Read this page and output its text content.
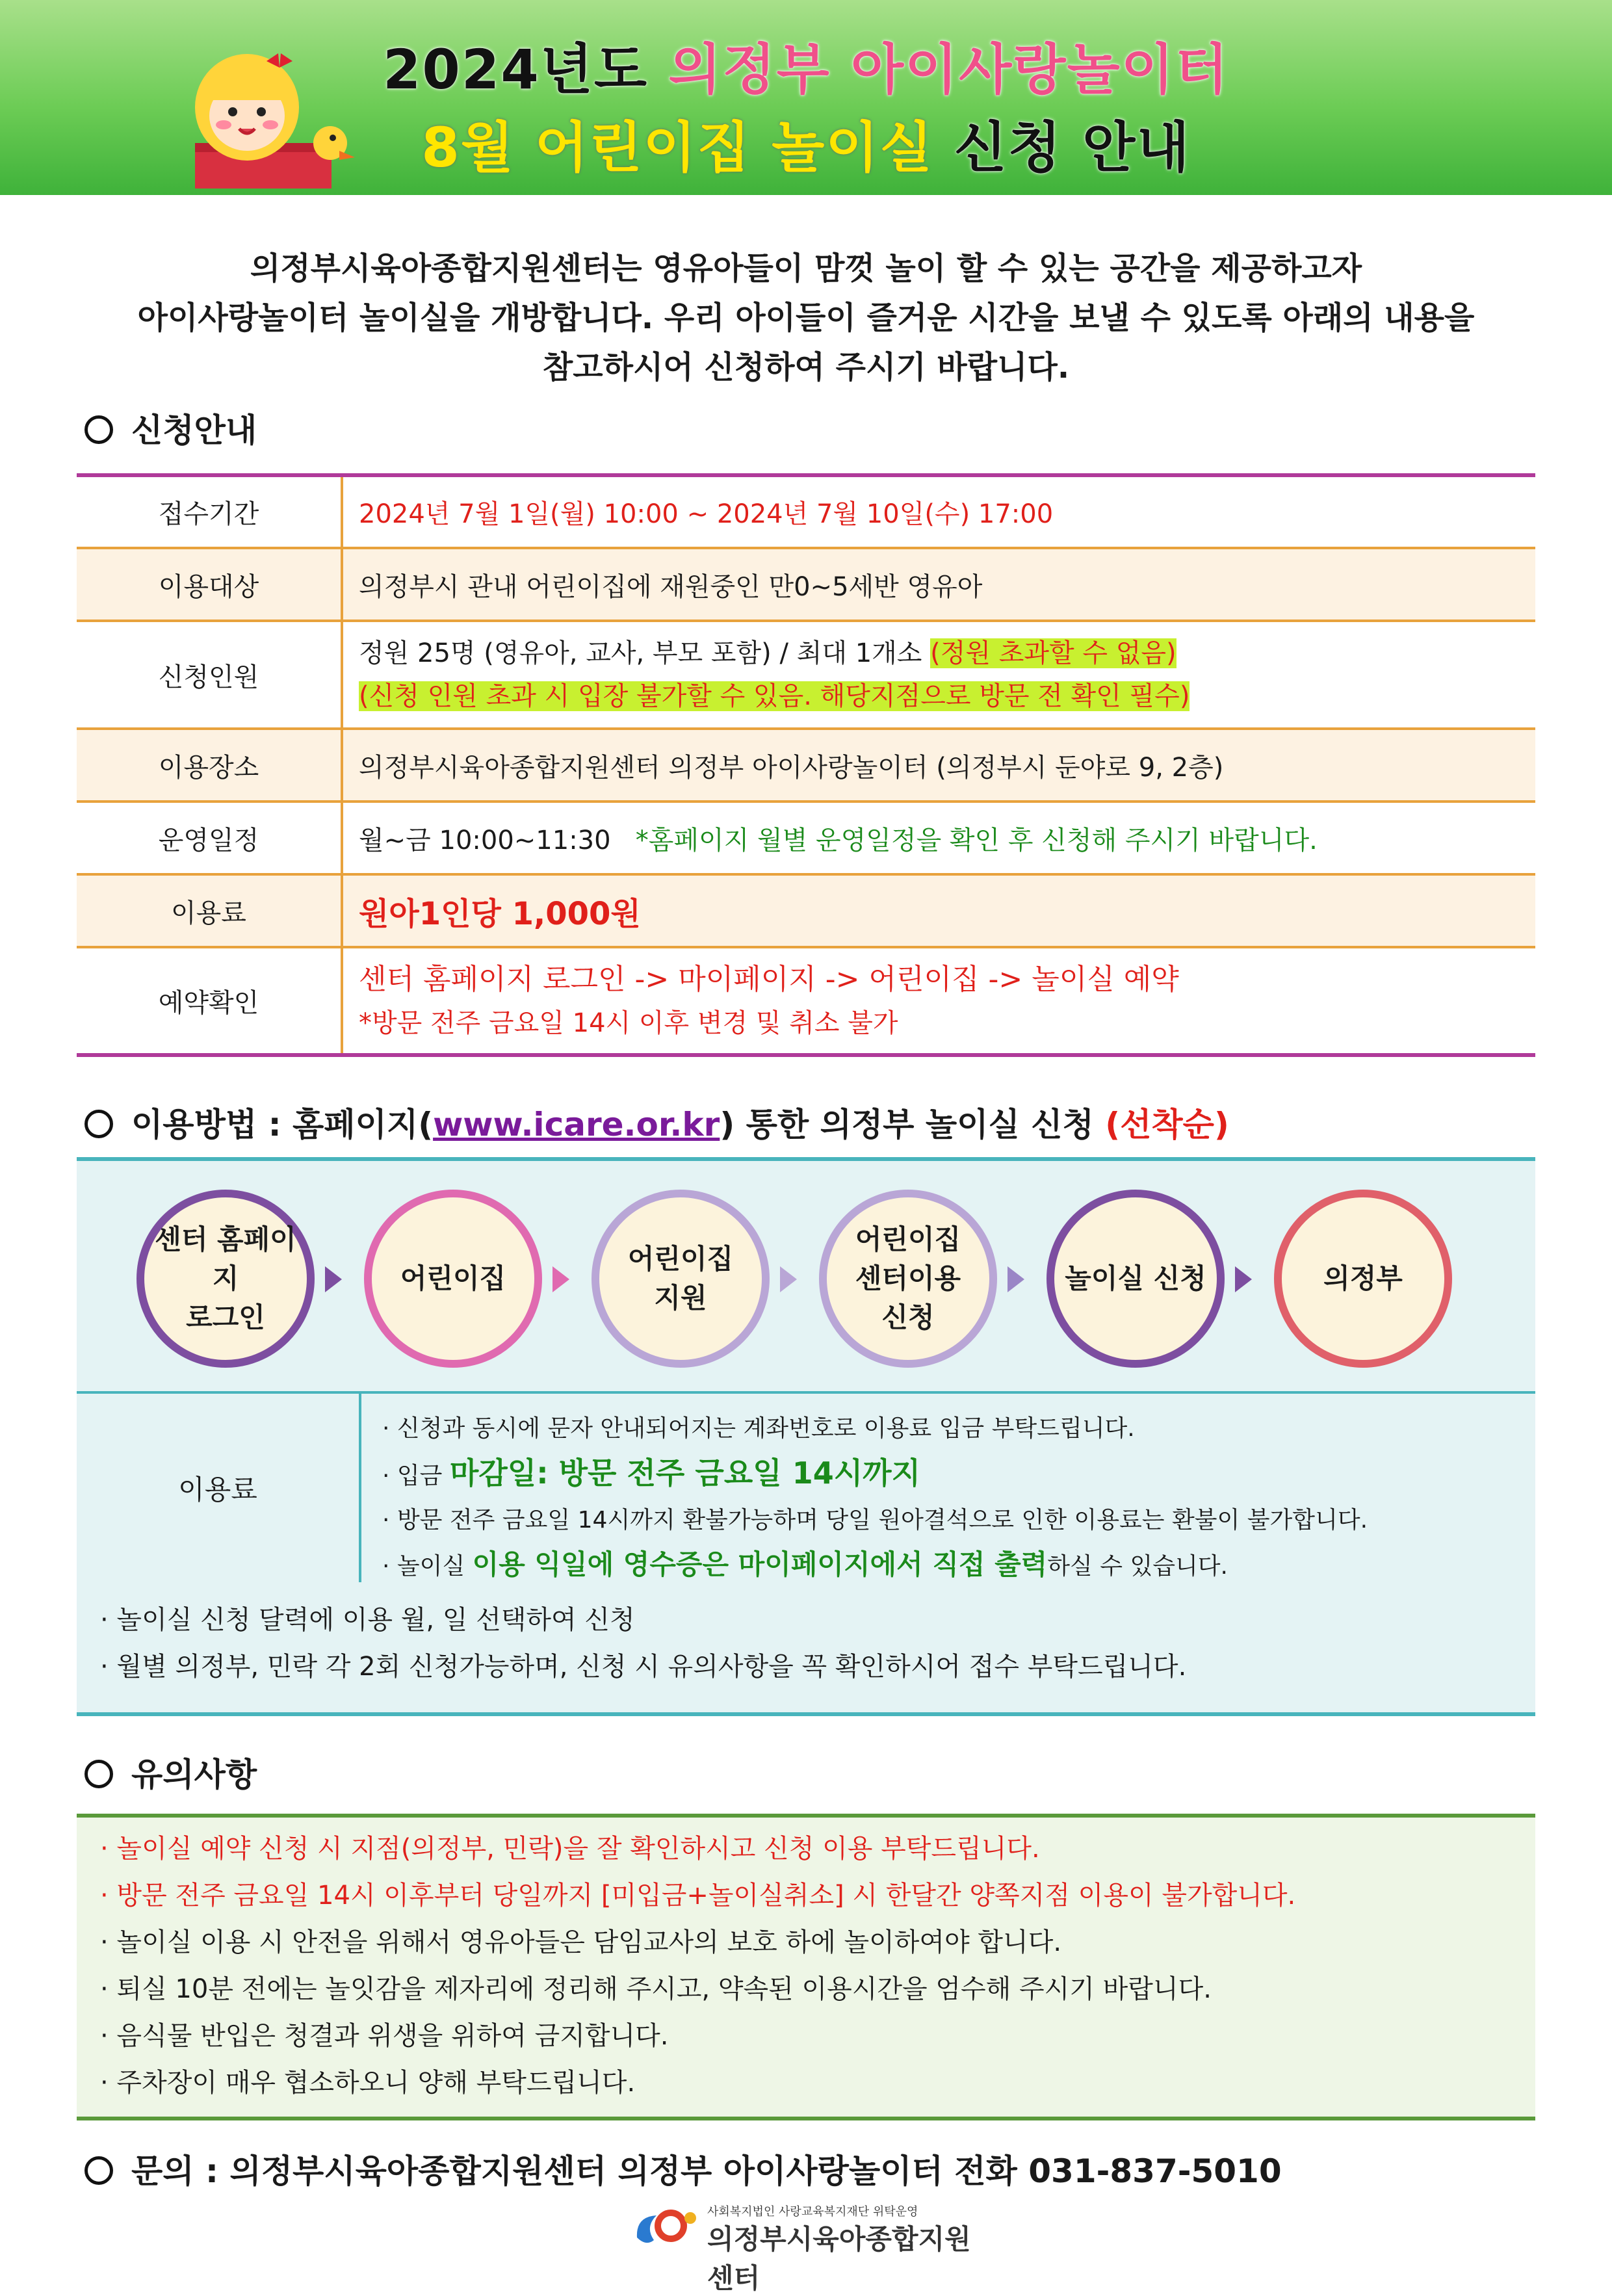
2024년도 의정부 아이사랑놀이터
8월 어린이집 놀이실 신청 안내
의정부시육아종합지원센터는 영유아들이 맘껏 놀이 할 수 있는 공간을 제공하고자
아이사랑놀이터 놀이실을 개방합니다. 우리 아이들이 즐거운 시간을 보낼 수 있도록 아래의 내용을
참고하시어 신청하여 주시기 바랍니다.
신청안내
접수기간	2024년 7월 1일(월) 10:00 ~ 2024년 7월 10일(수) 17:00
이용대상	의정부시 관내 어린이집에 재원중인 만0~5세반 영유아
신청인원	정원 25명 (영유아, 교사, 부모 포함) / 최대 1개소 (정원 초과할 수 없음)
(신청 인원 초과 시 입장 불가할 수 있음. 해당지점으로 방문 전 확인 필수)

이용장소	의정부시육아종합지원센터 의정부 아이사랑놀이터 (의정부시 둔야로 9, 2층)
운영일정	월~금 10:00~11:30 *홈페이지 월별 운영일정을 확인 후 신청해 주시기 바랍니다.
이용료	원아1인당 1,000원
예약확인	센터 홈페이지 로그인 -> 마이페이지 -> 어린이집 -> 놀이실 예약
*방문 전주 금요일 14시 이후 변경 및 취소 불가
이용방법 : 홈페이지(www.icare.or.kr) 통한 의정부 놀이실 신청 (선착순)
센터 홈페이지
로그인
어린이집
어린이집
지원
어린이집
센터이용
신청
놀이실 신청	의정부
이용료
· 신청과 동시에 문자 안내되어지는 계좌번호로 이용료 입금 부탁드립니다.
· 입금 마감일: 방문 전주 금요일 14시까지
· 방문 전주 금요일 14시까지 환불가능하며 당일 원아결석으로 인한 이용료는 환불이 불가합니다.
· 놀이실 이용 익일에 영수증은 마이페이지에서 직접 출력하실 수 있습니다.
· 놀이실 신청 달력에 이용 월, 일 선택하여 신청
· 월별 의정부, 민락 각 2회 신청가능하며, 신청 시 유의사항을 꼭 확인하시어 접수 부탁드립니다.
유의사항
· 놀이실 예약 신청 시 지점(의정부, 민락)을 잘 확인하시고 신청 이용 부탁드립니다.
· 방문 전주 금요일 14시 이후부터 당일까지 [미입금+놀이실취소] 시 한달간 양쪽지점 이용이 불가합니다.
· 놀이실 이용 시 안전을 위해서 영유아들은 담임교사의 보호 하에 놀이하여야 합니다.
· 퇴실 10분 전에는 놀잇감을 제자리에 정리해 주시고, 약속된 이용시간을 엄수해 주시기 바랍니다.
· 음식물 반입은 청결과 위생을 위하여 금지합니다.
· 주차장이 매우 협소하오니 양해 부탁드립니다.
문의 : 의정부시육아종합지원센터 의정부 아이사랑놀이터 전화 031-837-5010
사회복지법인 사랑교육복지재단 위탁운영
의정부시육아종합지원센터
